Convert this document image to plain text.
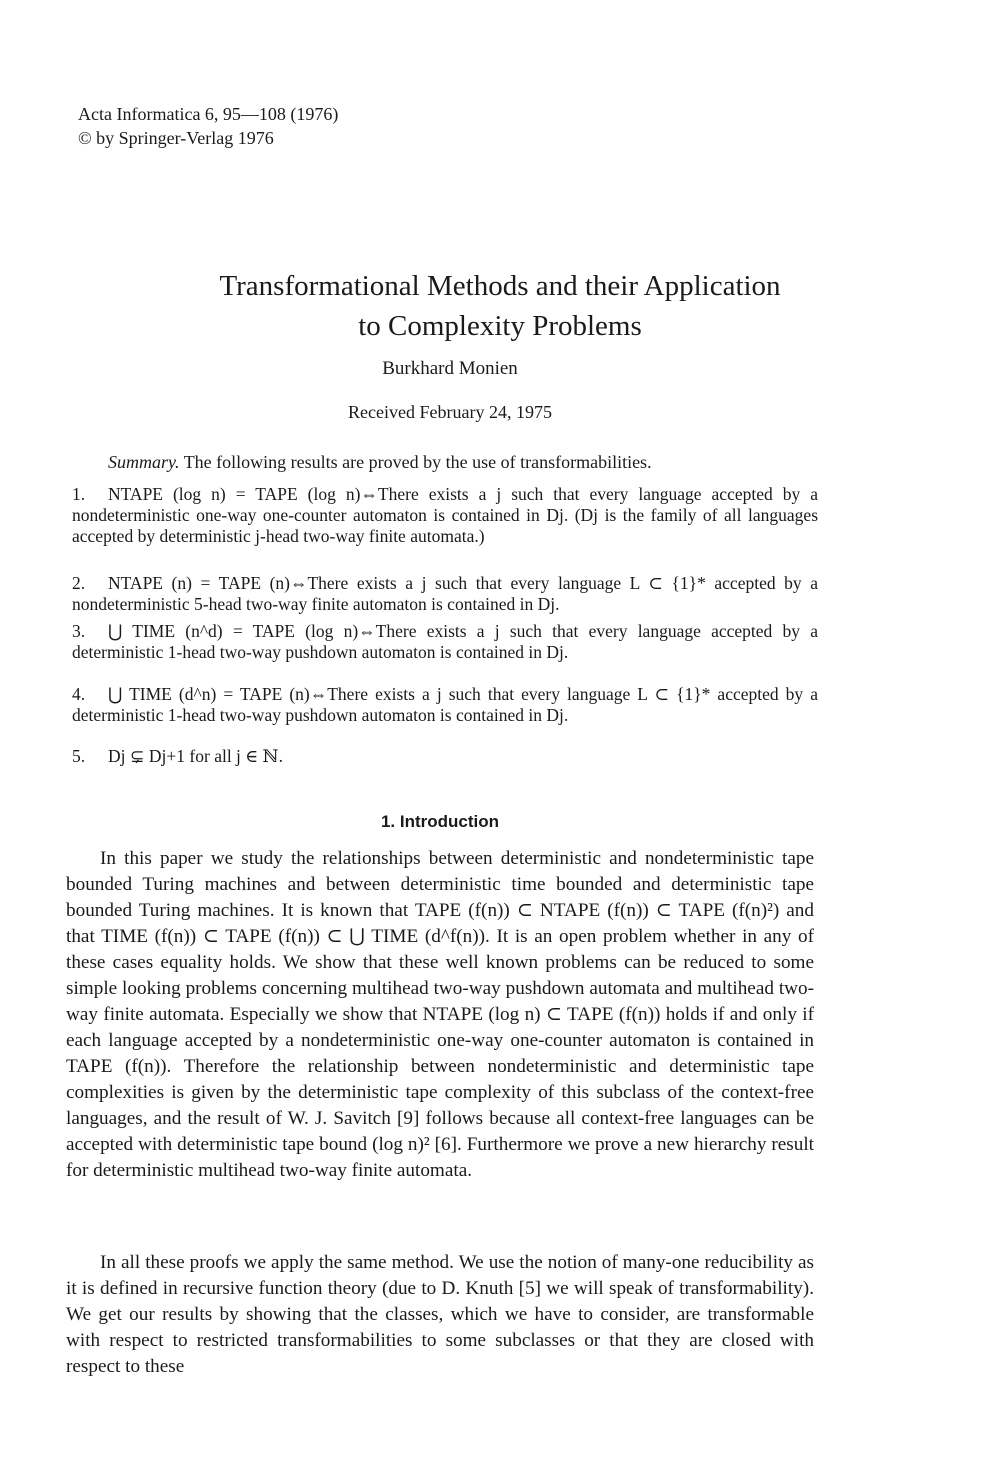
Acta Informatica 6, 95—108 (1976)
© by Springer-Verlag 1976
Transformational Methods and their Application
to Complexity Problems
Burkhard Monien
Received February 24, 1975
Summary. The following results are proved by the use of transformabilities.
1. NTAPE (log n) = TAPE (log n)⇔There exists a j such that every language accepted by a nondeterministic one-way one-counter automaton is contained in Dj. (Dj is the family of all languages accepted by deterministic j-head two-way finite automata.)
2. NTAPE (n) = TAPE (n)⇔There exists a j such that every language L ⊂ {1}* accepted by a nondeterministic 5-head two-way finite automaton is contained in Dj.
3. ⋃ TIME (n^d) = TAPE (log n)⇔There exists a j such that every language accepted by a deterministic 1-head two-way pushdown automaton is contained in Dj.
4. ⋃ TIME (d^n) = TAPE (n)⇔There exists a j such that every language L ⊂ {1}* accepted by a deterministic 1-head two-way pushdown automaton is contained in Dj.
5. Dj ⊊ Dj+1 for all j ∈ ℕ.
1. Introduction
In this paper we study the relationships between deterministic and nondeterministic tape bounded Turing machines and between deterministic time bounded and deterministic tape bounded Turing machines. It is known that TAPE (f(n)) ⊂ NTAPE (f(n)) ⊂ TAPE (f(n)²) and that TIME (f(n)) ⊂ TAPE (f(n)) ⊂ ⋃ TIME (d^f(n)). It is an open problem whether in any of these cases equality holds. We show that these well known problems can be reduced to some simple looking problems concerning multihead two-way pushdown automata and multihead two-way finite automata. Especially we show that NTAPE (log n) ⊂ TAPE (f(n)) holds if and only if each language accepted by a nondeterministic one-way one-counter automaton is contained in TAPE (f(n)). Therefore the relationship between nondeterministic and deterministic tape complexities is given by the deterministic tape complexity of this subclass of the context-free languages, and the result of W. J. Savitch [9] follows because all context-free languages can be accepted with deterministic tape bound (log n)² [6]. Furthermore we prove a new hierarchy result for deterministic multihead two-way finite automata.
In all these proofs we apply the same method. We use the notion of many-one reducibility as it is defined in recursive function theory (due to D. Knuth [5] we will speak of transformability). We get our results by showing that the classes, which we have to consider, are transformable with respect to restricted transformabilities to some subclasses or that they are closed with respect to these
